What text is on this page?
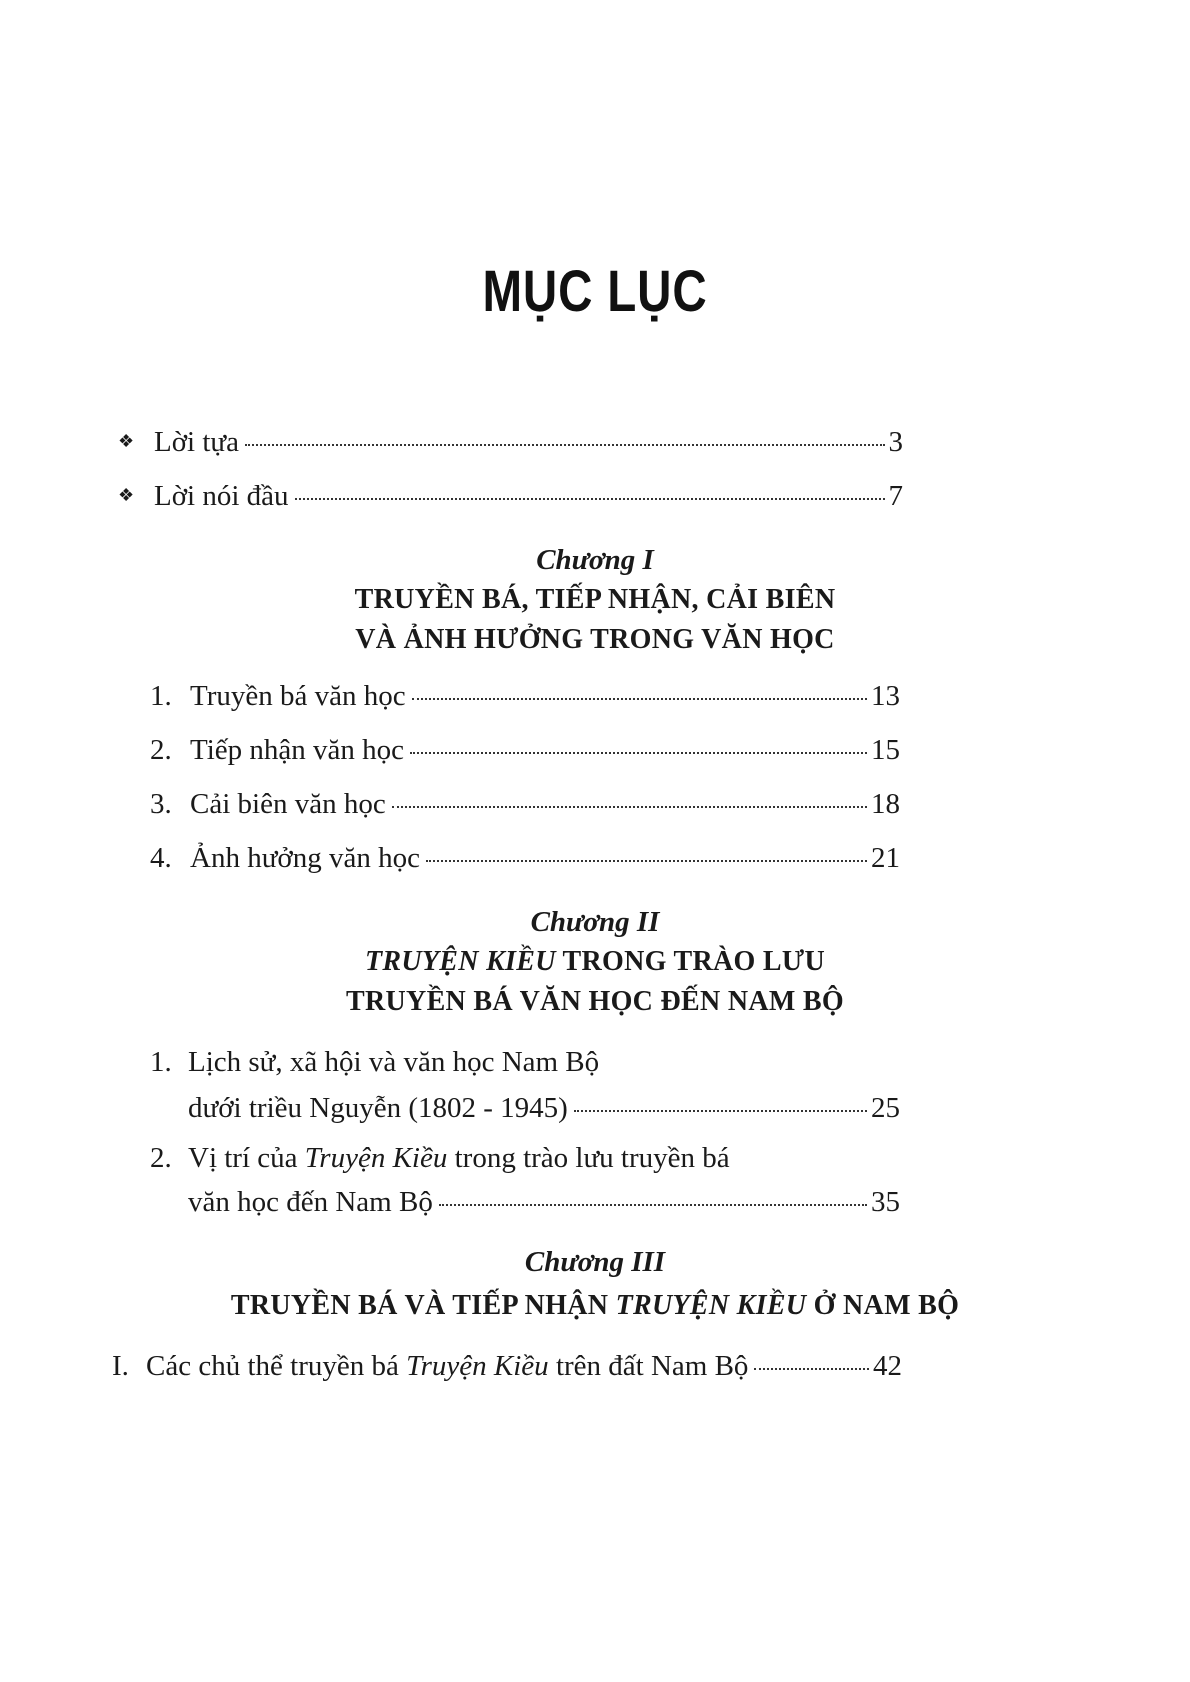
MỤC LỤC
❖ Lời tựa	3
❖ Lời nói đầu	7
Chương I
TRUYỀN BÁ, TIẾP NHẬN, CẢI BIÊN
VÀ ẢNH HƯỞNG TRONG VĂN HỌC
1. Truyền bá văn học	13
2. Tiếp nhận văn học	15
3. Cải biên văn học	18
4. Ảnh hưởng văn học	21
Chương II
TRUYỆN KIỀU TRONG TRÀO LƯU
TRUYỀN BÁ VĂN HỌC ĐẾN NAM BỘ
1. Lịch sử, xã hội và văn học Nam Bộ
dưới triều Nguyễn (1802 - 1945)	25
2. Vị trí của Truyện Kiều trong trào lưu truyền bá
văn học đến Nam Bộ	35
Chương III
TRUYỀN BÁ VÀ TIẾP NHẬN TRUYỆN KIỀU Ở NAM BỘ
I. Các chủ thể truyền bá Truyện Kiều trên đất Nam Bộ	42
